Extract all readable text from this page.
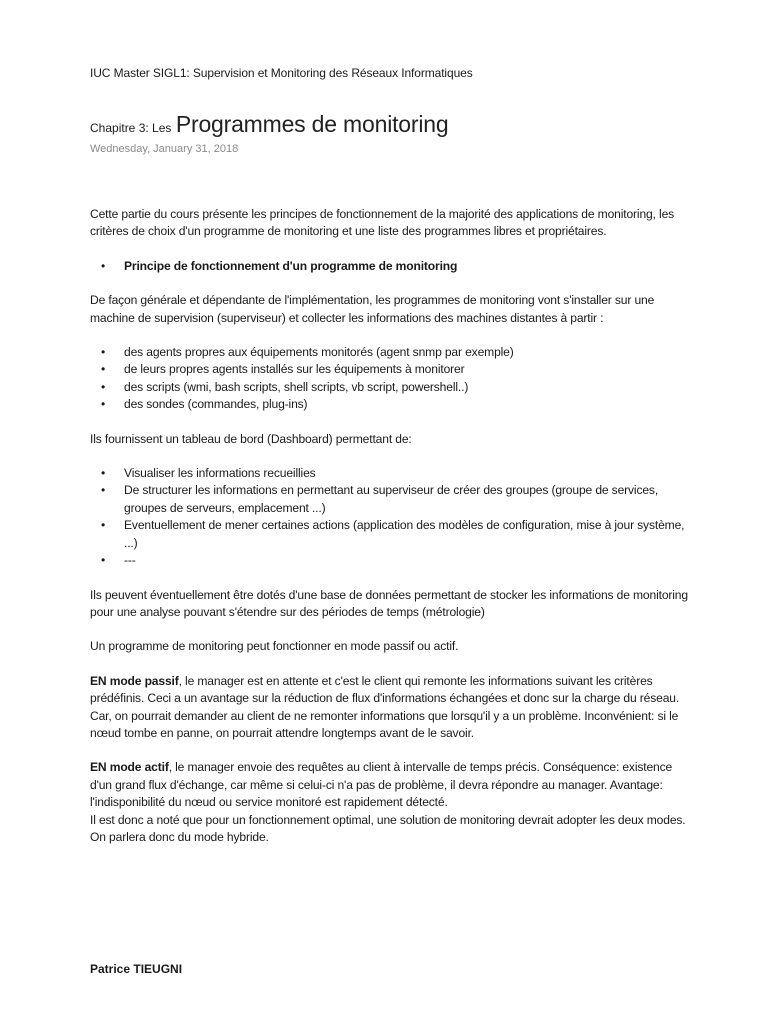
IUC Master SIGL1: Supervision et Monitoring des Réseaux Informatiques
Chapitre 3: Les Programmes de monitoring
Wednesday, January 31, 2018

Cette partie du cours présente les principes de fonctionnement de la majorité des applications de monitoring, les critères de choix d'un programme de monitoring et une liste des programmes libres et propriétaires.

• Principe de fonctionnement d'un programme de monitoring

De façon générale et dépendante de l'implémentation, les programmes de monitoring vont s'installer sur une machine de supervision (superviseur) et collecter les informations des machines distantes à partir :

• des agents propres aux équipements monitorés (agent snmp par exemple)
• de leurs propres agents installés sur les équipements à monitorer
• des scripts (wmi, bash scripts, shell scripts, vb script, powershell..)
• des sondes (commandes, plug-ins)

Ils fournissent un tableau de bord (Dashboard) permettant de:

• Visualiser les informations recueillies
• De structurer les informations en permettant au superviseur de créer des groupes (groupe de services, groupes de serveurs, emplacement ...)
• Eventuellement de mener certaines actions (application des modèles de configuration, mise à jour système, ...)
• ---

Ils peuvent éventuellement être dotés d'une base de données permettant de stocker les informations de monitoring pour une analyse pouvant s'étendre sur des périodes de temps (métrologie)

Un programme de monitoring peut fonctionner en mode passif ou actif.

EN mode passif, le manager est en attente et c'est le client qui remonte les informations suivant les critères prédéfinis. Ceci a un avantage sur la réduction de flux d'informations échangées et donc sur la charge du réseau. Car, on pourrait demander au client de ne remonter informations que lorsqu'il y a un problème. Inconvénient: si le nœud tombe en panne, on pourrait attendre longtemps avant de le savoir.

EN mode actif, le manager envoie des requêtes au client à intervalle de temps précis. Conséquence: existence d'un grand flux d'échange, car même si celui-ci n'a pas de problème, il devra répondre au manager. Avantage: l'indisponibilité du nœud ou service monitoré est rapidement détecté.

Il est donc a noté que pour un fonctionnement optimal, une solution de monitoring devrait adopter les deux modes. On parlera donc du mode hybride.

Patrice TIEUGNI
